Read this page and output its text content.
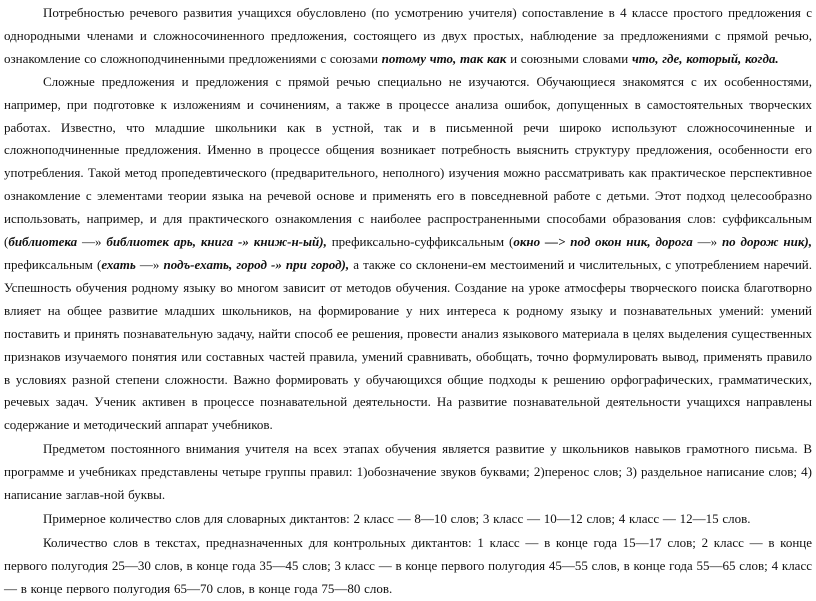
Потребностью речевого развития учащихся обусловлено (по усмотрению учителя) сопоставление в 4 классе простого предложения с однородными членами и сложносочиненного предложения, состоящего из двух простых, наблюдение за предложениями с прямой речью, ознакомление со сложноподчиненными предложениями с союзами потому что, так как и союзными словами что, где, который, когда.

Сложные предложения и предложения с прямой речью специально не изучаются. Обучающиеся знакомятся с их особенностями, например, при подготовке к изложениям и сочинениям, а также в процессе анализа ошибок, допущенных в самостоятельных творческих работах. Известно, что младшие школьники как в устной, так и в письменной речи широко используют сложносочиненные и сложноподчиненные предложения. Именно в процессе общения возникает потребность выяснить структуру предложения, особенности его употребления. Такой метод пропедевтического (предварительного, неполного) изучения можно рассматривать как практическое перспективное ознакомление с элементами теории языка на речевой основе и применять его в повседневной работе с детьми. Этот подход целесообразно использовать, например, и для практического ознакомления с наиболее распространенными способами образования слов: суффиксальным (библиотека —» библиотек арь, книга -» книж-н-ый), префиксально-суффиксальным (окно —> под окон ник, дорога —» по дорож ник), префиксальным (ехать —» подъ-ехать, город -» при город), а также со склонени-ем местоимений и числительных, с употреблением наречий. Успешность обучения родному языку во многом зависит от методов обучения. Создание на уроке атмосферы творческого поиска благотворно влияет на общее развитие младших школьников, на формирование у них интереса к родному языку и познавательных умений: умений поставить и принять познавательную задачу, найти способ ее решения, провести анализ языкового материала в целях выделения существенных признаков изучаемого понятия или составных частей правила, умений сравнивать, обобщать, точно формулировать вывод, применять правило в условиях разной степени сложности. Важно формировать у обучающихся общие подходы к решению орфографических, грамматических, речевых задач. Ученик активен в процессе познавательной деятельности. На развитие познавательной деятельности учащихся направлены содержание и методический аппарат учебников.

Предметом постоянного внимания учителя на всех этапах обучения является развитие у школьников навыков грамотного письма. В программе и учебниках представлены четыре группы правил: 1)обозначение звуков буквами; 2)перенос слов; 3) раздельное написание слов; 4) написание заглав-ной буквы.

Примерное количество слов для словарных диктантов: 2 класс — 8—10 слов; 3 класс — 10—12 слов; 4 класс — 12—15 слов.

Количество слов в текстах, предназначенных для контрольных диктантов: 1 класс — в конце года 15—17 слов; 2 класс — в конце первого полугодия 25—30 слов, в конце года 35—45 слов; 3 класс — в конце первого полугодия 45—55 слов, в конце года 55—65 слов; 4 класс — в конце первого полугодия 65—70 слов, в конце года 75—80 слов.
